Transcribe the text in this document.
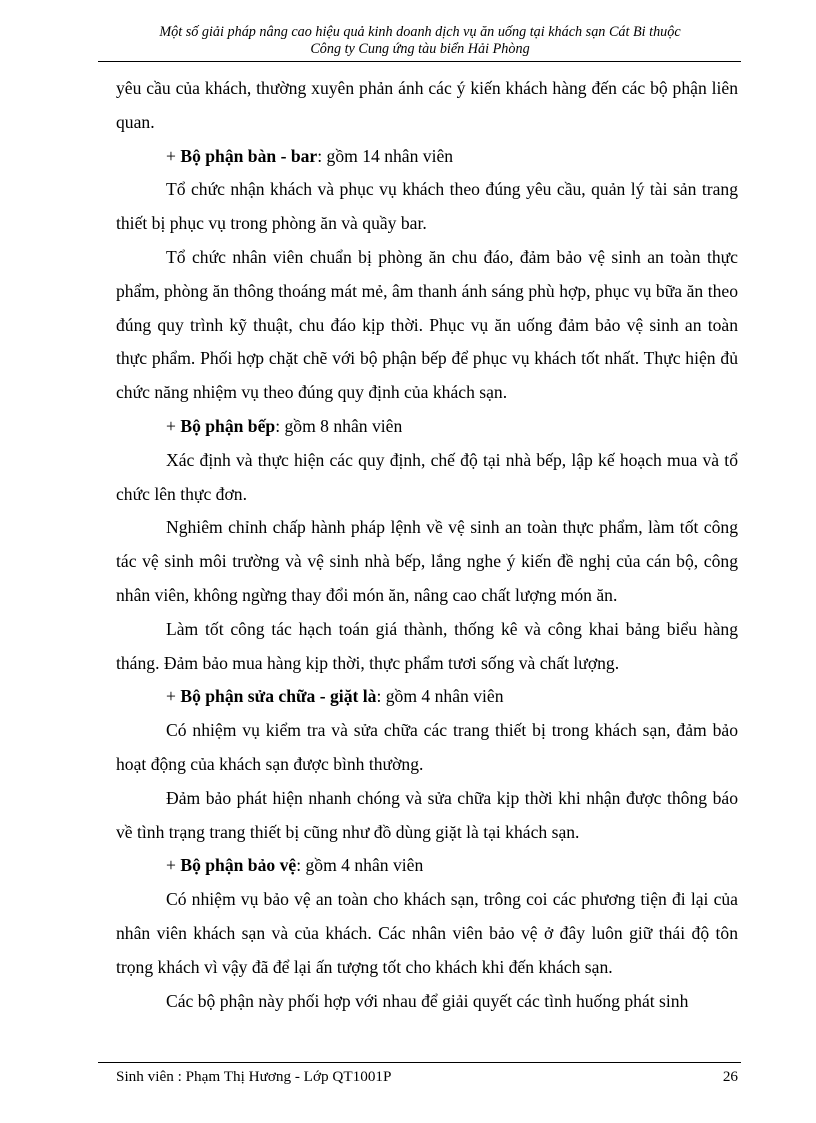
Một số giải pháp nâng cao hiệu quả kinh doanh dịch vụ ăn uống tại khách sạn Cát Bi thuộc
Công ty Cung ứng tàu biển Hải Phòng

yêu cầu của khách, thường xuyên phản ánh các ý kiến khách hàng đến các bộ phận liên quan.

+ Bộ phận bàn - bar: gồm 14 nhân viên

Tổ chức nhận khách và phục vụ khách theo đúng yêu cầu, quản lý tài sản trang thiết bị phục vụ trong phòng ăn và quầy bar.

Tổ chức nhân viên chuẩn bị phòng ăn chu đáo, đảm bảo vệ sinh an toàn thực phẩm, phòng ăn thông thoáng mát mẻ, âm thanh ánh sáng phù hợp, phục vụ bữa ăn theo đúng quy trình kỹ thuật, chu đáo kịp thời. Phục vụ ăn uống đảm bảo vệ sinh an toàn thực phẩm. Phối hợp chặt chẽ với bộ phận bếp để phục vụ khách tốt nhất. Thực hiện đủ chức năng nhiệm vụ theo đúng quy định của khách sạn.

+ Bộ phận bếp: gồm 8 nhân viên

Xác định và thực hiện các quy định, chế độ tại nhà bếp, lập kế hoạch mua và tổ chức lên thực đơn.

Nghiêm chỉnh chấp hành pháp lệnh về vệ sinh an toàn thực phẩm, làm tốt công tác vệ sinh môi trường và vệ sinh nhà bếp, lắng nghe ý kiến đề nghị của cán bộ, công nhân viên, không ngừng thay đổi món ăn, nâng cao chất lượng món ăn.

Làm tốt công tác hạch toán giá thành, thống kê và công khai bảng biểu hàng tháng. Đảm bảo mua hàng kịp thời, thực phẩm tươi sống và chất lượng.

+ Bộ phận sửa chữa - giặt là: gồm 4 nhân viên

Có nhiệm vụ kiểm tra và sửa chữa các trang thiết bị trong khách sạn, đảm bảo hoạt động của khách sạn được bình thường.

Đảm bảo phát hiện nhanh chóng và sửa chữa kịp thời khi nhận được thông báo về tình trạng trang thiết bị cũng như đồ dùng giặt là tại khách sạn.

+ Bộ phận bảo vệ: gồm 4 nhân viên

Có nhiệm vụ bảo vệ an toàn cho khách sạn, trông coi các phương tiện đi lại của nhân viên khách sạn và của khách. Các nhân viên bảo vệ ở đây luôn giữ thái độ tôn trọng khách vì vậy đã để lại ấn tượng tốt cho khách khi đến khách sạn.

Các bộ phận này phối hợp với nhau để giải quyết các tình huống phát sinh

Sinh viên : Phạm Thị Hương - Lớp QT1001P	26
